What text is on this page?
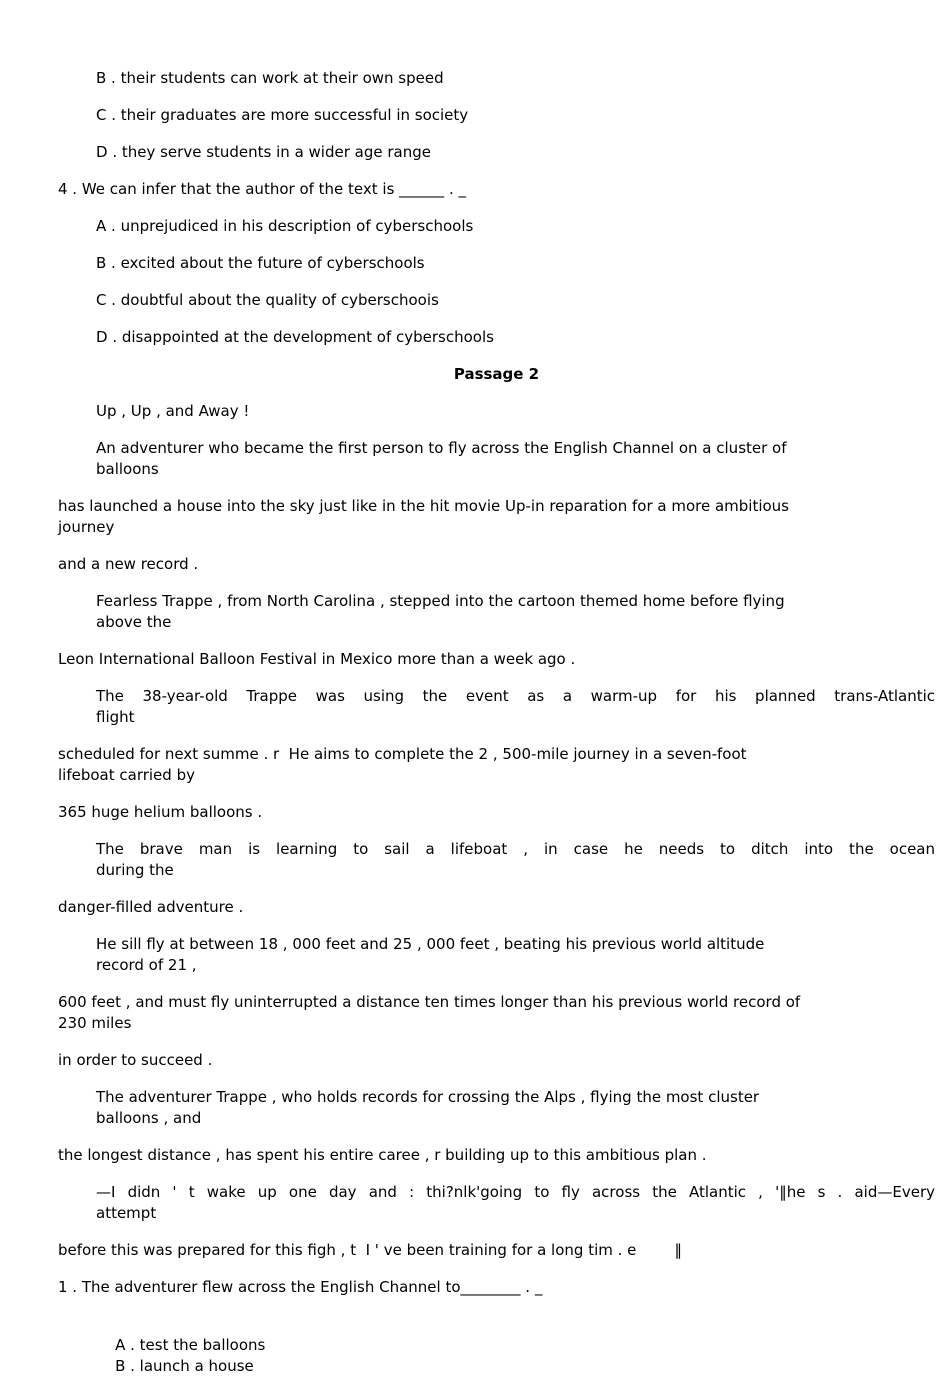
B . their students can work at their own speed
C . their graduates are more successful in society
D . they serve students in a wider age range
4 . We can infer that the author of the text is ______ . _
A . unprejudiced in his description of cyberschools
B . excited about the future of cyberschools
C . doubtful about the quality of cyberschoois
D . disappointed at the development of cyberschools
Passage 2
Up , Up , and Away !
An adventurer who became the first person to fly across the English Channel on a cluster of
balloons
has launched a house into the sky just like in the hit movie Up-in reparation for a more ambitious
journey
and a new record .
Fearless Trappe , from North Carolina , stepped into the cartoon themed home before flying
above the
Leon International Balloon Festival in Mexico more than a week ago .
The 38-year-old Trappe was using the event as a warm-up for his planned trans-Atlantic
flight
scheduled for next summe . r  He aims to complete the 2 , 500-mile journey in a seven-foot
lifeboat carried by
365 huge helium balloons .
The brave man is learning to sail a lifeboat , in case he needs to ditch into the ocean
during the
danger-filled adventure .
He sill fly at between 18 , 000 feet and 25 , 000 feet , beating his previous world altitude
record of 21 ,
600 feet , and must fly uninterrupted a distance ten times longer than his previous world record of
230 miles
in order to succeed .
The adventurer Trappe , who holds records for crossing the Alps , flying the most cluster
balloons , and
the longest distance , has spent his entire caree , r building up to this ambitious plan .
—I didn ' t wake up one day and : thi?nlk'going to fly across the Atlantic , '‖he s . aid—Every
attempt
before this was prepared for this figh , t  I ' ve been training for a long tim . e        ‖
1 . The adventurer flew across the English Channel to________ . _

A . test the balloons
B . launch a house
